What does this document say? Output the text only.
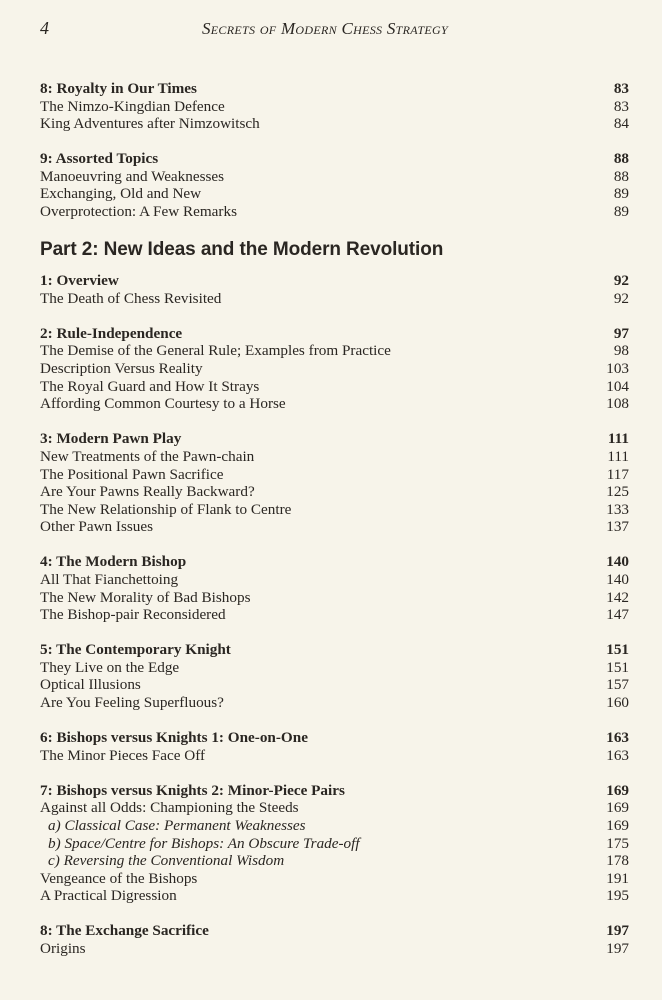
4	Secrets of Modern Chess Strategy
8: Royalty in Our Times	83
The Nimzo-Kingdian Defence	83
King Adventures after Nimzowitsch	84
9: Assorted Topics	88
Manoeuvring and Weaknesses	88
Exchanging, Old and New	89
Overprotection: A Few Remarks	89
Part 2: New Ideas and the Modern Revolution
1: Overview	92
The Death of Chess Revisited	92
2: Rule-Independence	97
The Demise of the General Rule; Examples from Practice	98
Description Versus Reality	103
The Royal Guard and How It Strays	104
Affording Common Courtesy to a Horse	108
3: Modern Pawn Play	111
New Treatments of the Pawn-chain	111
The Positional Pawn Sacrifice	117
Are Your Pawns Really Backward?	125
The New Relationship of Flank to Centre	133
Other Pawn Issues	137
4: The Modern Bishop	140
All That Fianchettoing	140
The New Morality of Bad Bishops	142
The Bishop-pair Reconsidered	147
5: The Contemporary Knight	151
They Live on the Edge	151
Optical Illusions	157
Are You Feeling Superfluous?	160
6: Bishops versus Knights 1: One-on-One	163
The Minor Pieces Face Off	163
7: Bishops versus Knights 2: Minor-Piece Pairs	169
Against all Odds: Championing the Steeds	169
a) Classical Case: Permanent Weaknesses	169
b) Space/Centre for Bishops: An Obscure Trade-off	175
c) Reversing the Conventional Wisdom	178
Vengeance of the Bishops	191
A Practical Digression	195
8: The Exchange Sacrifice	197
Origins	197
